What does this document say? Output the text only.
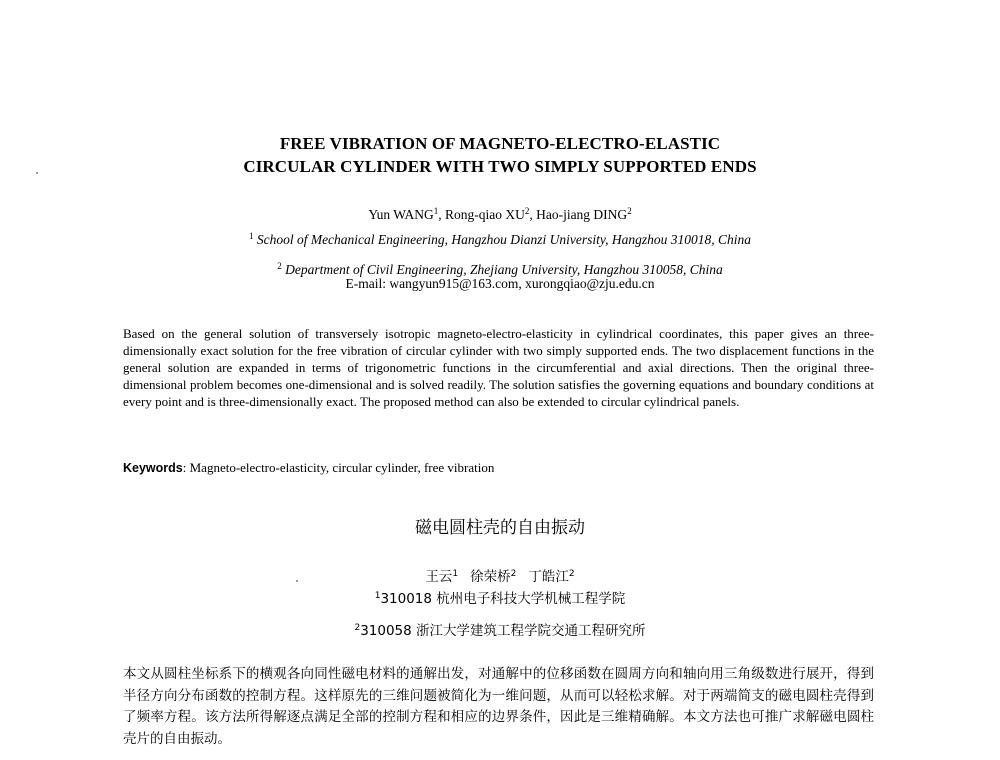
FREE VIBRATION OF MAGNETO-ELECTRO-ELASTIC
CIRCULAR CYLINDER WITH TWO SIMPLY SUPPORTED ENDS
Yun WANG$^1$, Rong-qiao $XU^2$, Hao-jiang DING$^2$
$^1$ School of Mechanical Engineering, Hangzhou Dianzi University, Hangzhou 310018, China
$^2$ Department of Civil Engineering, Zhejiang University, Hangzhou 310058, China
E-mail: wangyun915@163.com, xurongqiao@zju.edu.cn
Based on the general solution of transversely isotropic magneto-electro-elasticity in cylindrical coordinates, this paper gives an three-dimensionally exact solution for the free vibration of circular cylinder with two simply supported ends. The two displacement functions in the general solution are expanded in terms of trigonometric functions in the circumferential and axial directions. Then the original three-dimensional problem becomes one-dimensional and is solved readily. The solution satisfies the governing equations and boundary conditions at every point and is three-dimensionally exact. The proposed method can also be extended to circular cylindrical panels.
Keywords: Magneto-electro-elasticity, circular cylinder, free vibration
磁电圆柱壳的自由振动
王云$^1$ 徐荣桥$^2$ 丁皓江$^2$
$^1$310018 杭州电子科技大学机械工程学院
$^2$310058 浙江大学建筑工程学院交通工程研究所
本文从圆柱坐标系下的横观各向同性磁电材料的通解出发，对通解中的位移函数在圆周方向和轴向用三角级数进行展开，得到半径方向分布函数的控制方程。这样原先的三维问题被简化为一维问题，从而可以轻松求解。对于两端简支的磁电圆柱壳得到了频率方程。该方法所得解逐点满足全部的控制方程和相应的边界条件，因此是三维精确解。本文方法也可推广求解磁电圆柱壳片的自由振动。
